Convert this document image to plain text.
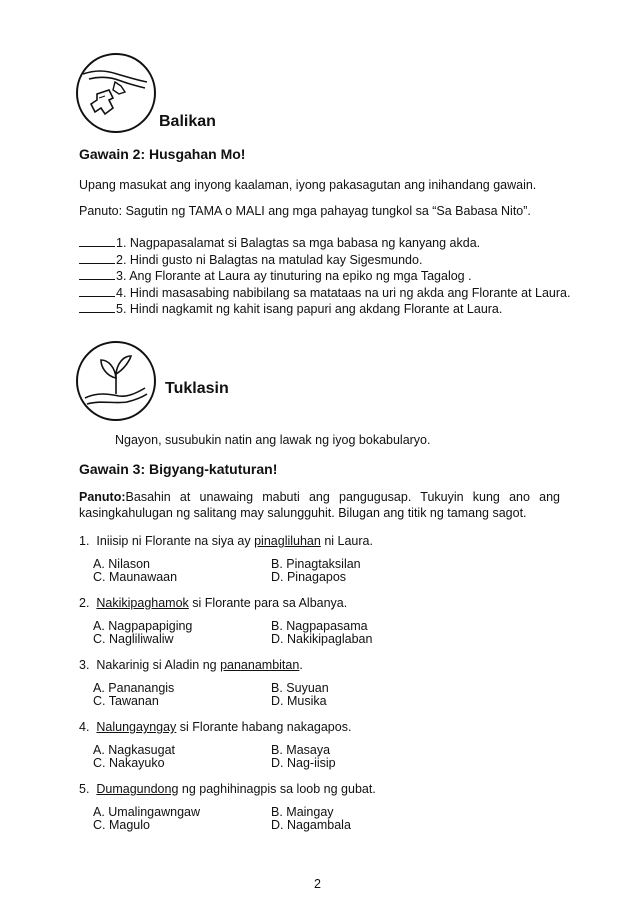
Balikan
Gawain 2: Husgahan Mo!
Upang masukat ang inyong kaalaman, iyong pakasagutan ang inihandang gawain.
Panuto: Sagutin ng TAMA o MALI ang mga pahayag tungkol sa “Sa Babasa Nito”.
1. Nagpapasalamat si Balagtas sa mga babasa ng kanyang akda.
2. Hindi gusto ni Balagtas na matulad kay Sigesmundo.
3. Ang Florante at Laura ay tinuturing na epiko ng mga Tagalog .
4. Hindi masasabing nabibilang sa matataas na uri ng akda ang Florante at Laura.
5. Hindi nagkamit ng kahit isang papuri ang akdang Florante at Laura.
Tuklasin
Ngayon, susubukin natin ang lawak ng iyog bokabularyo.
Gawain 3: Bigyang-katuturan!
Panuto:Basahin at unawaing mabuti ang pangugusap. Tukuyin kung ano ang
kasingkahulugan ng salitang may salungguhit. Bilugan ang titik ng tamang sagot.
1. Iniisip ni Florante na siya ay pinagliluhan ni Laura.
A. Nilason	B. Pinagtaksilan
C. Maunawaan	D. Pinagapos
2. Nakikipaghamok si Florante para sa Albanya.
A. Nagpapapiging	B. Nagpapasama
C. Nagliliwaliw	D. Nakikipaglaban
3. Nakarinig si Aladin ng pananambitan.
A. Pananangis	B. Suyuan
C. Tawanan	D. Musika
4. Nalungayngay si Florante habang nakagapos.
A. Nagkasugat	B. Masaya
C. Nakayuko	D. Nag-iisip
5. Dumagundong ng paghihinagpis sa loob ng gubat.
A. Umalingawngaw	B. Maingay
C. Magulo	D. Nagambala
2
